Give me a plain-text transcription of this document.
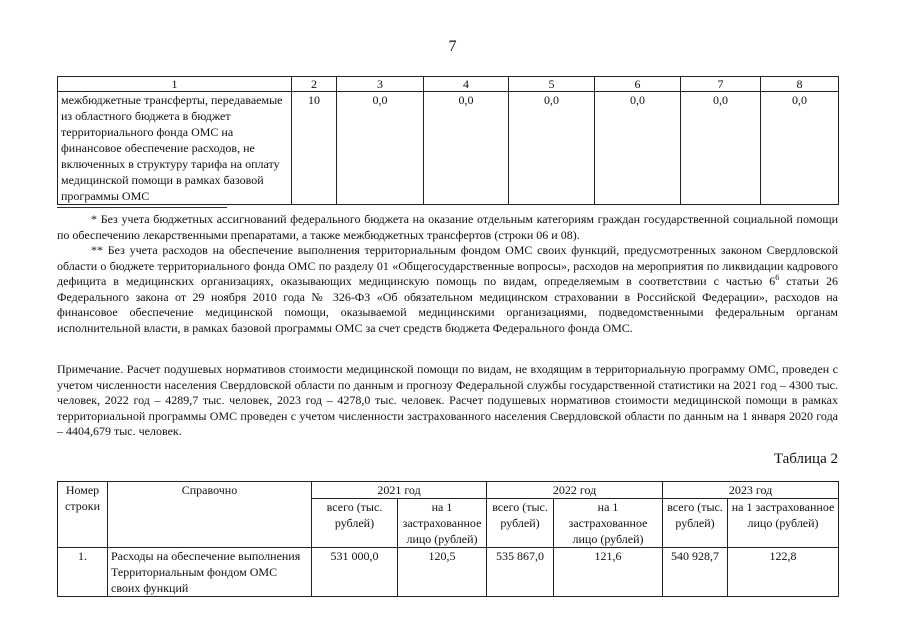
7
1	2	3	4	5	6	7	8
межбюджетные трансферты, передаваемые из областного бюджета в бюджет территориального фонда ОМС на финансовое обеспечение расходов, не включенных в структуру тарифа на оплату медицинской помощи в рамках базовой программы ОМС	10	0,0	0,0	0,0	0,0	0,0	0,0

* Без учета бюджетных ассигнований федерального бюджета на оказание отдельным категориям граждан государственной социальной помощи по обеспечению лекарственными препаратами, а также межбюджетных трансфертов (строки 06 и 08).

** Без учета расходов на обеспечение выполнения территориальным фондом ОМС своих функций, предусмотренных законом Свердловской области о бюджете территориального фонда ОМС по разделу 01 «Общегосударственные вопросы», расходов на мероприятия по ликвидации кадрового дефицита в медицинских организациях, оказывающих медицинскую помощь по видам, определяемым в соответствии с частью $6^6$ статьи 26 Федерального закона от 29 ноября 2010 года № 326-ФЗ «Об обязательном медицинском страховании в Российской Федерации», расходов на финансовое обеспечение медицинской помощи, оказываемой медицинскими организациями, подведомственными федеральным органам исполнительной власти, в рамках базовой программы ОМС за счет средств бюджета Федерального фонда ОМС.

Примечание. Расчет подушевых нормативов стоимости медицинской помощи по видам, не входящим в территориальную программу ОМС, проведен с учетом численности населения Свердловской области по данным и прогнозу Федеральной службы государственной статистики на 2021 год – 4300 тыс. человек, 2022 год – 4289,7 тыс. человек, 2023 год – 4278,0 тыс. человек. Расчет подушевых нормативов стоимости медицинской помощи в рамках территориальной программы ОМС проведен с учетом численности застрахованного населения Свердловской области по данным на 1 января 2020 года – 4404,679 тыс. человек.

Таблица 2
Номер строки	Справочно	2021 год		2022 год		2023 год	
		всего (тыс. рублей)	на 1 застрахованное лицо (рублей)	всего (тыс. рублей)	на 1 застрахованное лицо (рублей)	всего (тыс. рублей)	на 1 застрахованное лицо (рублей)
1.	Расходы на обеспечение выполнения Территориальным фондом ОМС своих функций	531 000,0	120,5	535 867,0	121,6	540 928,7	122,8
